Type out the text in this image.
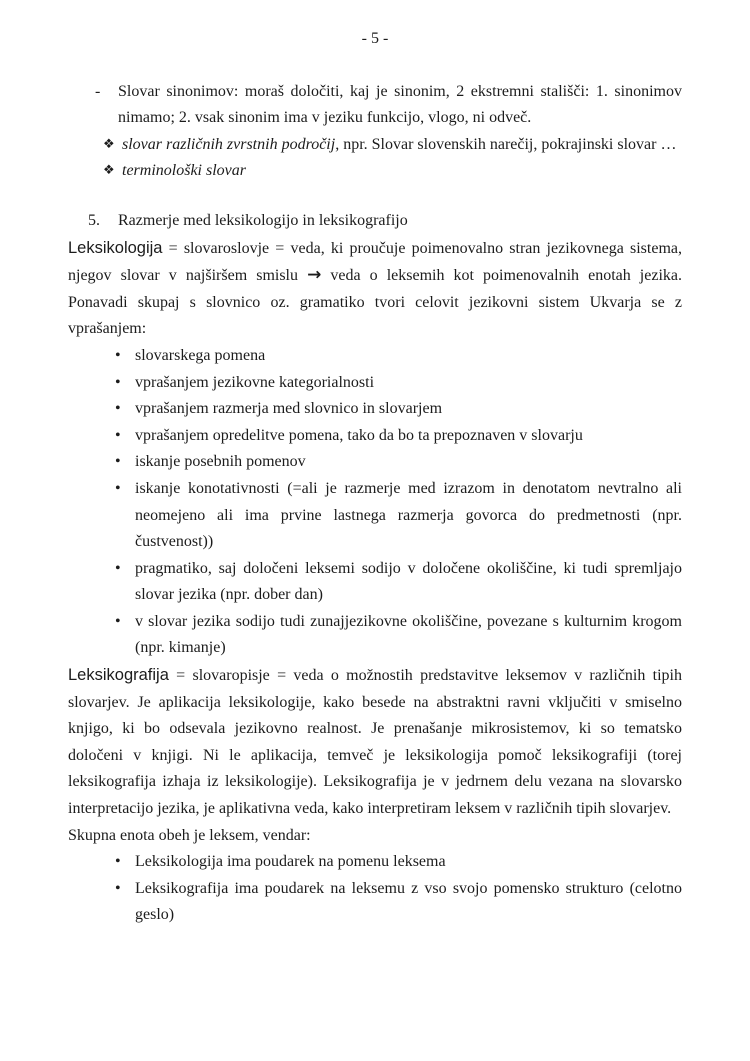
- 5 -
-	Slovar sinonimov: moraš določiti, kaj je sinonim, 2 ekstremni stališči: 1. sinonimov nimamo; 2. vsak sinonim ima v jeziku funkcijo, vlogo, ni odveč.
❖ slovar različnih zvrstnih področij, npr. Slovar slovenskih narečij, pokrajinski slovar …
❖ terminološki slovar
5.	Razmerje med leksikologijo in leksikografijo

Leksikologija = slovaroslovje = veda, ki proučuje poimenovalno stran jezikovnega sistema, njegov slovar v najširšem smislu → veda o leksemih kot poimenovalnih enotah jezika. Ponavadi skupaj s slovnico oz. gramatiko tvori celovit jezikovni sistem Ukvarja se z vprašanjem:

• slovarskega pomena
• vprašanjem jezikovne kategorialnosti
• vprašanjem razmerja med slovnico in slovarjem
• vprašanjem opredelitve pomena, tako da bo ta prepoznaven v slovarju
• iskanje posebnih pomenov
• iskanje konotativnosti (=ali je razmerje med izrazom in denotatom nevtralno ali neomejeno ali ima prvine lastnega razmerja govorca do predmetnosti (npr. čustvenost))
• pragmatiko, saj določeni leksemi sodijo v določene okoliščine, ki tudi spremljajo slovar jezika (npr. dober dan)
• v slovar jezika sodijo tudi zunajjezikovne okoliščine, povezane s kulturnim krogom (npr. kimanje)

Leksikografija = slovaropisje = veda o možnostih predstavitve leksemov v različnih tipih slovarjev. Je aplikacija leksikologije, kako besede na abstraktni ravni vključiti v smiselno knjigo, ki bo odsevala jezikovno realnost. Je prenašanje mikrosistemov, ki so tematsko določeni v knjigi. Ni le aplikacija, temveč je leksikologija pomoč leksikografiji (torej leksikografija izhaja iz leksikologije). Leksikografija je v jedrnem delu vezana na slovarsko interpretacijo jezika, je aplikativna veda, kako interpretiram leksem v različnih tipih slovarjev.

Skupna enota obeh je leksem, vendar:

• Leksikologija ima poudarek na pomenu leksema
• Leksikografija ima poudarek na leksemu z vso svojo pomensko strukturo (celotno geslo)
